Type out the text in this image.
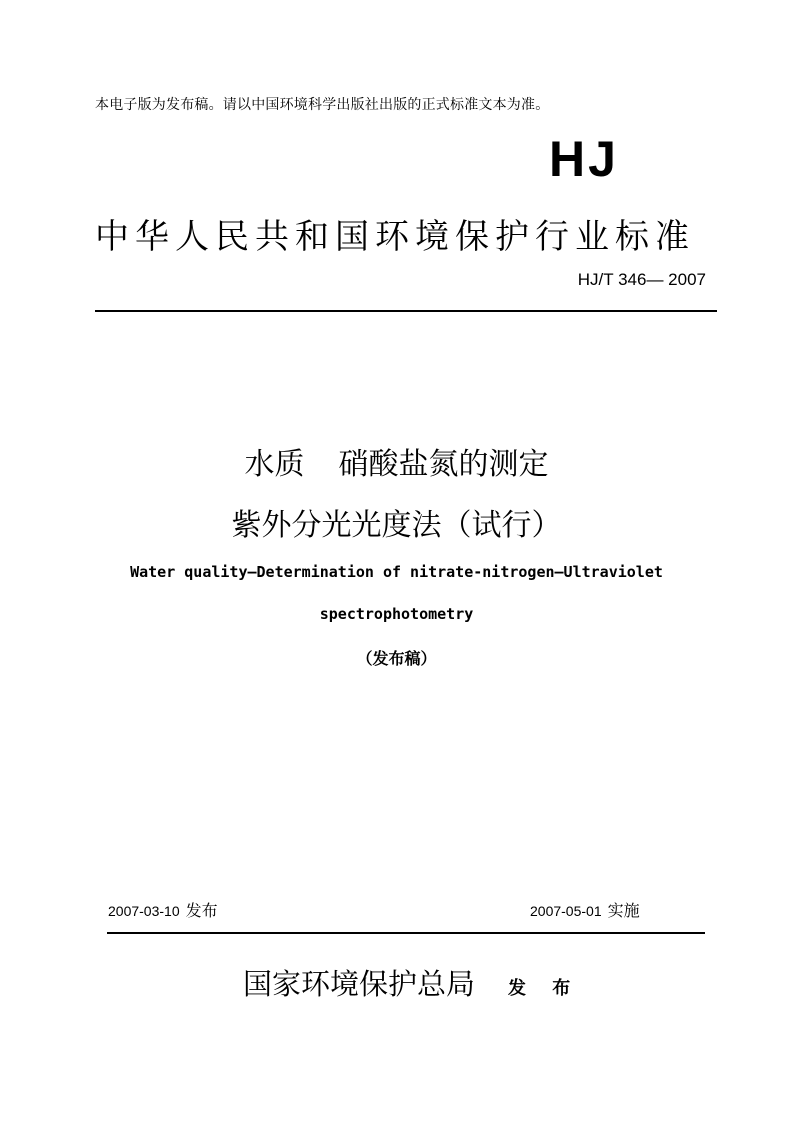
本电子版为发布稿。请以中国环境科学出版社出版的正式标准文本为准。
HJ
中华人民共和国环境保护行业标准
HJ/T 346— 2007
水质 硝酸盐氮的测定
紫外分光光度法（试行）
Water quality—Determination of nitrate-nitrogen—Ultraviolet
spectrophotometry
（发布稿）
2007-03-10 发布	2007-05-01 实施
国家环境保护总局 发 布
